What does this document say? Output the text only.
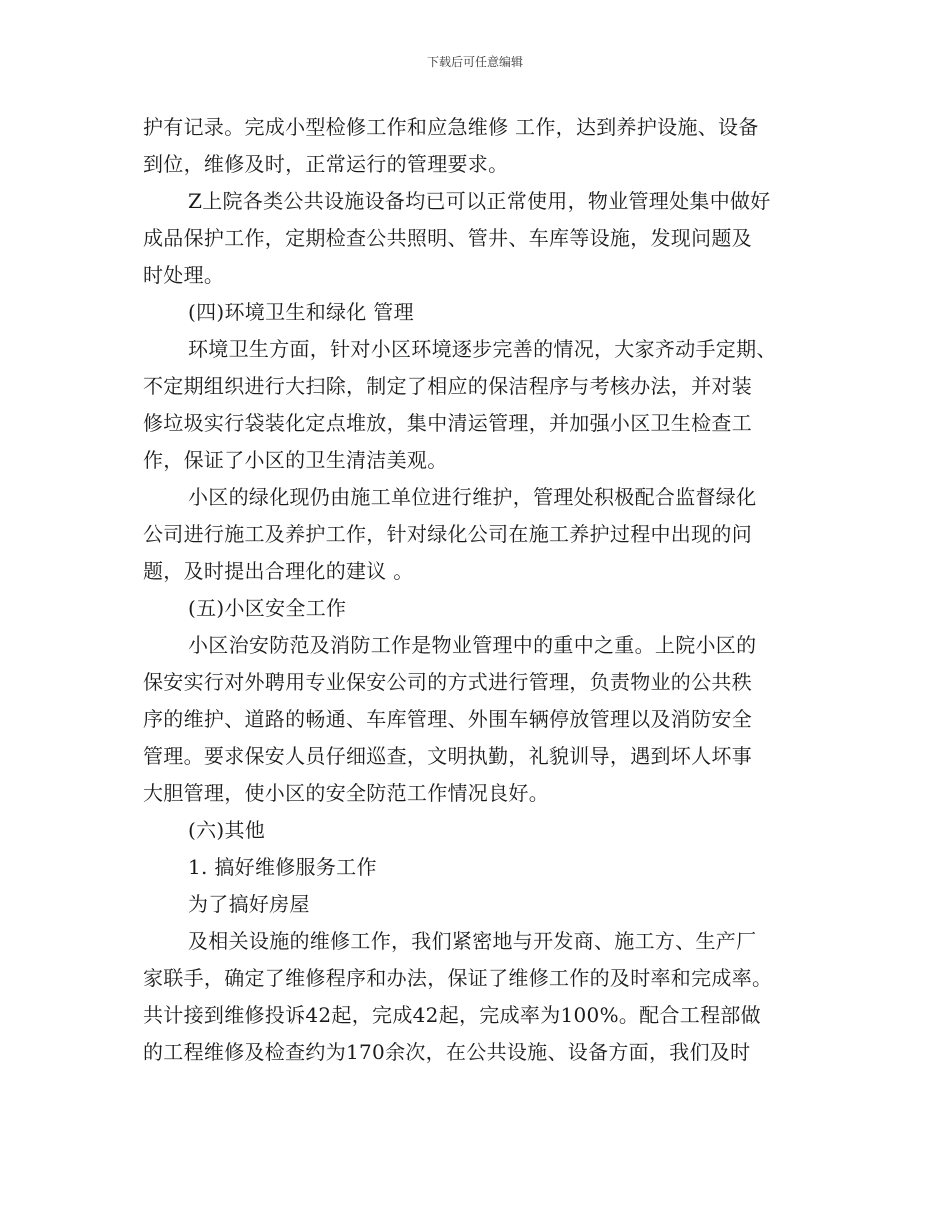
下载后可任意编辑
护有记录。完成小型检修工作和应急维修 工作，达到养护设施、设备
到位，维修及时，正常运行的管理要求。
Z上院各类公共设施设备均已可以正常使用，物业管理处集中做好
成品保护工作，定期检查公共照明、管井、车库等设施，发现问题及
时处理。
(四)环境卫生和绿化 管理
环境卫生方面，针对小区环境逐步完善的情况，大家齐动手定期、
不定期组织进行大扫除，制定了相应的保洁程序与考核办法，并对装
修垃圾实行袋装化定点堆放，集中清运管理，并加强小区卫生检查工
作，保证了小区的卫生清洁美观。
小区的绿化现仍由施工单位进行维护，管理处积极配合监督绿化
公司进行施工及养护工作，针对绿化公司在施工养护过程中出现的问
题，及时提出合理化的建议 。
(五)小区安全工作
小区治安防范及消防工作是物业管理中的重中之重。上院小区的
保安实行对外聘用专业保安公司的方式进行管理，负责物业的公共秩
序的维护、道路的畅通、车库管理、外围车辆停放管理以及消防安全
管理。要求保安人员仔细巡查，文明执勤，礼貌训导，遇到坏人坏事
大胆管理，使小区的安全防范工作情况良好。
(六)其他
1. 搞好维修服务工作
为了搞好房屋
及相关设施的维修工作，我们紧密地与开发商、施工方、生产厂
家联手，确定了维修程序和办法，保证了维修工作的及时率和完成率。
共计接到维修投诉42起，完成42起，完成率为100%。配合工程部做
的工程维修及检查约为170余次，在公共设施、设备方面，我们及时
